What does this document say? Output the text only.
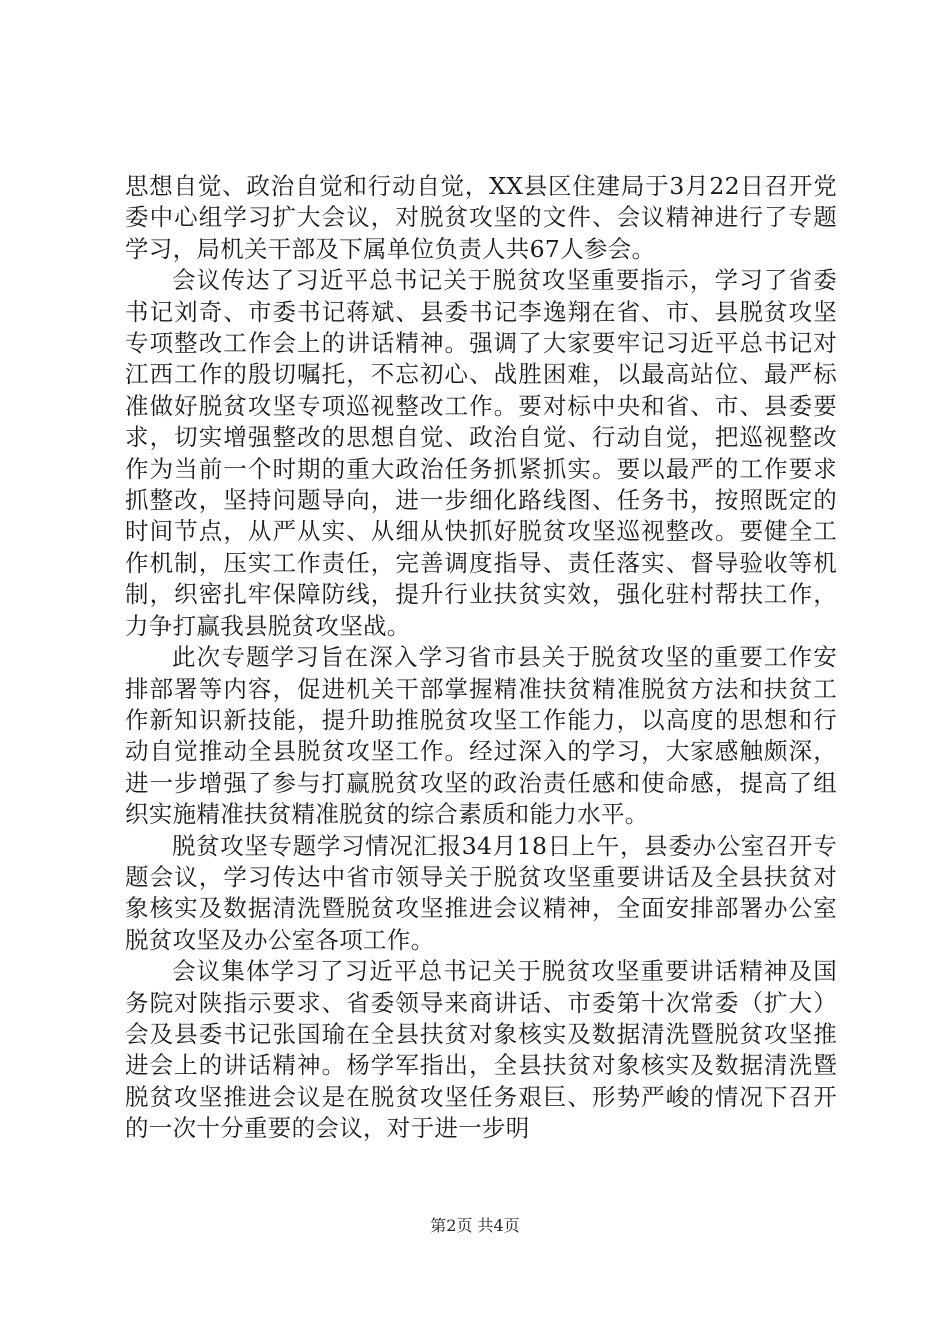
思想自觉、政治自觉和行动自觉，XX县区住建局于3月22日召开党委中心组学习扩大会议，对脱贫攻坚的文件、会议精神进行了专题学习，局机关干部及下属单位负责人共67人参会。

会议传达了习近平总书记关于脱贫攻坚重要指示，学习了省委书记刘奇、市委书记蒋斌、县委书记李逸翔在省、市、县脱贫攻坚专项整改工作会上的讲话精神。强调了大家要牢记习近平总书记对江西工作的殷切嘱托，不忘初心、战胜困难，以最高站位、最严标准做好脱贫攻坚专项巡视整改工作。要对标中央和省、市、县委要求，切实增强整改的思想自觉、政治自觉、行动自觉，把巡视整改作为当前一个时期的重大政治任务抓紧抓实。要以最严的工作要求抓整改，坚持问题导向，进一步细化路线图、任务书，按照既定的时间节点，从严从实、从细从快抓好脱贫攻坚巡视整改。要健全工作机制，压实工作责任，完善调度指导、责任落实、督导验收等机制，织密扎牢保障防线，提升行业扶贫实效，强化驻村帮扶工作，力争打赢我县脱贫攻坚战。

此次专题学习旨在深入学习省市县关于脱贫攻坚的重要工作安排部署等内容，促进机关干部掌握精准扶贫精准脱贫方法和扶贫工作新知识新技能，提升助推脱贫攻坚工作能力，以高度的思想和行动自觉推动全县脱贫攻坚工作。经过深入的学习，大家感触颇深，进一步增强了参与打赢脱贫攻坚的政治责任感和使命感，提高了组织实施精准扶贫精准脱贫的综合素质和能力水平。

脱贫攻坚专题学习情况汇报34月18日上午，县委办公室召开专题会议，学习传达中省市领导关于脱贫攻坚重要讲话及全县扶贫对象核实及数据清洗暨脱贫攻坚推进会议精神，全面安排部署办公室脱贫攻坚及办公室各项工作。

会议集体学习了习近平总书记关于脱贫攻坚重要讲话精神及国务院对陕指示要求、省委领导来商讲话、市委第十次常委（扩大）会及县委书记张国瑜在全县扶贫对象核实及数据清洗暨脱贫攻坚推进会上的讲话精神。杨学军指出，全县扶贫对象核实及数据清洗暨脱贫攻坚推进会议是在脱贫攻坚任务艰巨、形势严峻的情况下召开的一次十分重要的会议，对于进一步明

第2页 共4页
